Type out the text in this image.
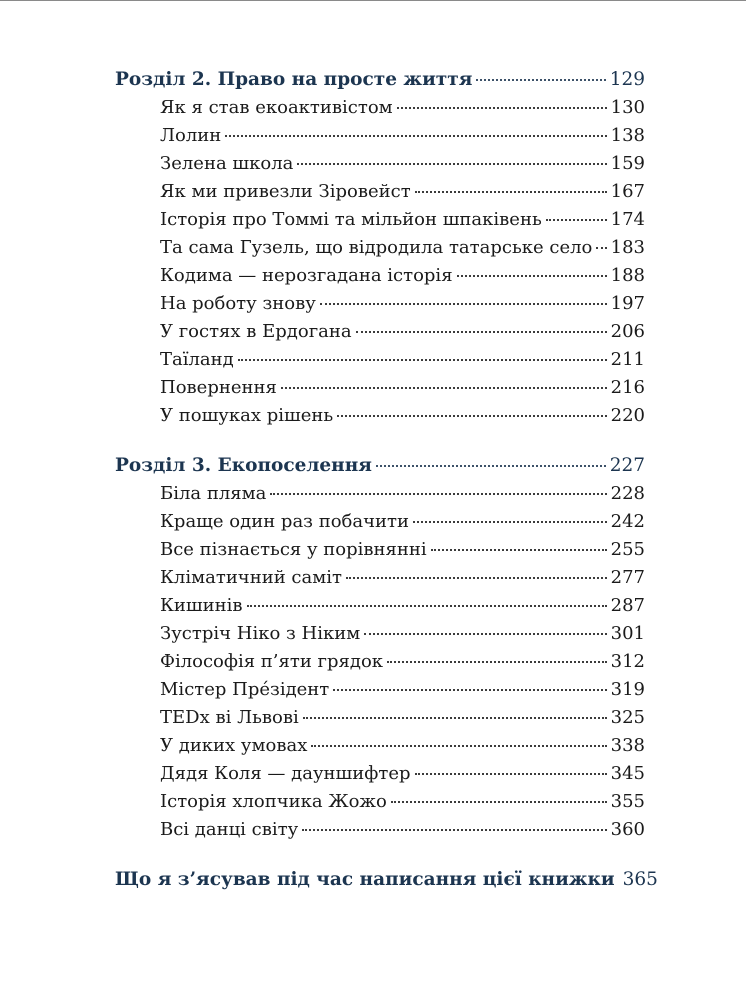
Розділ 2. Право на просте життя	129
Як я став екоактивістом	130
Лолин	138
Зелена школа	159
Як ми привезли Зіровейст	167
Історія про Томмі та мільйон шпаківень	174
Та сама Гузель, що відродила татарське село 183
Кодима — нерозгадана історія	188
На роботу знову	197
У гостях в Ердогана	206
Таїланд	211
Повернення	216
У пошуках рішень	220
Розділ 3. Екопоселення	227
Біла пляма	228
Краще один раз побачити	242
Все пізнається у порівнянні	255
Кліматичний саміт	277
Кишинів	287
Зустріч Ніко з Ніким	301
Філософія п’яти грядок	312
Містер Прéзідент	319
TEDx ві Львові	325
У диких умовах	338
Дядя Коля — дауншифтер	345
Історія хлопчика Жожо	355
Всі данці світу	360
Що я з’ясував під час написання цієї книжки 365
